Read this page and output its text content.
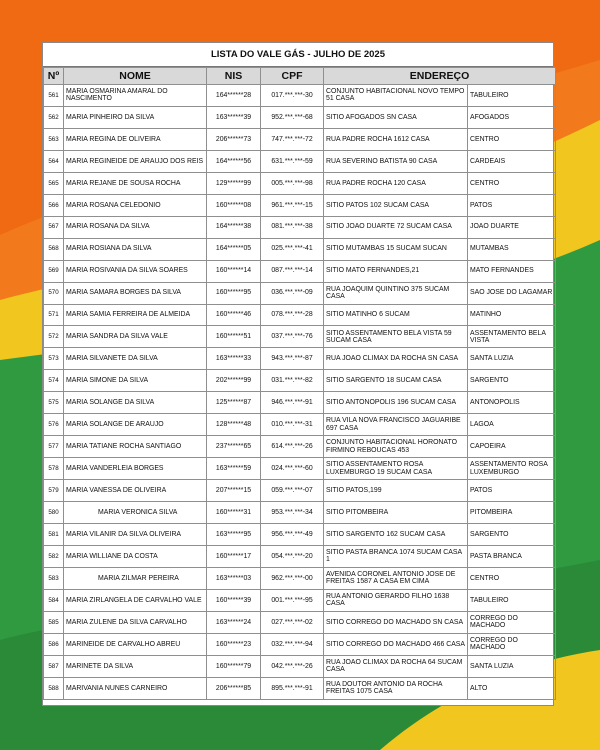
LISTA DO VALE GÁS - JULHO DE 2025
Nº	NOME	NIS	CPF	ENDEREÇO	
561	MARIA OSMARINA AMARAL DO NASCIMENTO	164******28	017.***.***-30	CONJUNTO HABITACIONAL NOVO TEMPO 51 CASA	TABULEIRO
562	MARIA PINHEIRO DA SILVA	163******39	952.***.***-68	SITIO AFOGADOS SN CASA	AFOGADOS
563	MARIA REGINA DE OLIVEIRA	206******73	747.***.***-72	RUA PADRE ROCHA 1612 CASA	CENTRO
564	MARIA REGINEIDE DE ARAUJO DOS REIS	164******56	631.***.***-59	RUA SEVERINO BATISTA 90 CASA	CARDEAIS
565	MARIA REJANE DE SOUSA ROCHA	129******99	005.***.***-98	RUA PADRE ROCHA 120 CASA	CENTRO
566	MARIA ROSANA CELEDONIO	160******08	961.***.***-15	SITIO PATOS 102 SUCAM CASA	PATOS
567	MARIA ROSANA DA SILVA	164******38	081.***.***-38	SITIO JOAO DUARTE 72 SUCAM CASA	JOAO DUARTE
568	MARIA ROSIANA DA SILVA	164******05	025.***.***-41	SITIO MUTAMBAS 15 SUCAM SUCAN	MUTAMBAS
569	MARIA ROSIVANIA DA SILVA SOARES	160******14	087.***.***-14	SITIO MATO FERNANDES,21	MATO FERNANDES
570	MARIA SAMARA BORGES DA SILVA	160******95	036.***.***-09	RUA JOAQUIM QUINTINO 375 SUCAM CASA	SAO JOSE DO LAGAMAR
571	MARIA SAMIA FERREIRA DE ALMEIDA	160******46	078.***.***-28	SITIO MATINHO 6 SUCAM	MATINHO
572	MARIA SANDRA DA SILVA VALE	160******51	037.***.***-76	SITIO ASSENTAMENTO BELA VISTA 59 SUCAM CASA	ASSENTAMENTO BELA VISTA
573	MARIA SILVANETE DA SILVA	163******33	943.***.***-87	RUA JOAO CLIMAX DA ROCHA SN CASA	SANTA LUZIA
574	MARIA SIMONE DA SILVA	202******99	031.***.***-82	SITIO SARGENTO 18 SUCAM CASA	SARGENTO
575	MARIA SOLANGE DA SILVA	125******87	946.***.***-91	SITIO ANTONOPOLIS 196 SUCAM CASA	ANTONOPOLIS
576	MARIA SOLANGE DE ARAUJO	128******48	010.***.***-31	RUA VILA NOVA FRANCISCO JAGUARIBE 697 CASA	LAGOA
577	MARIA TATIANE ROCHA SANTIAGO	237******65	614.***.***-26	CONJUNTO HABITACIONAL HORONATO FIRMINO REBOUCAS 453	CAPOEIRA
578	MARIA VANDERLEIA BORGES	163******59	024.***.***-60	SITIO ASSENTAMENTO ROSA LUXEMBURGO 19 SUCAM CASA	ASSENTAMENTO ROSA LUXEMBURGO
579	MARIA VANESSA DE OLIVEIRA	207******15	059.***.***-07	SITIO PATOS,199	PATOS
580	MARIA VERONICA SILVA	160******31	953.***.***-34	SITIO PITOMBEIRA	PITOMBEIRA
581	MARIA VILANIR DA SILVA OLIVEIRA	163******95	956.***.***-49	SITIO SARGENTO 162 SUCAM CASA	SARGENTO
582	MARIA WILLIANE DA COSTA	160******17	054.***.***-20	SITIO PASTA BRANCA 1074 SUCAM CASA 1	PASTA BRANCA
583	MARIA ZILMAR PEREIRA	163******03	962.***.***-00	AVENIDA CORONEL ANTONIO JOSE DE FREITAS 1587 A CASA EM CIMA	CENTRO
584	MARIA ZIRLANGELA DE CARVALHO VALE	160******39	001.***.***-95	RUA ANTONIO GERARDO FILHO 1638 CASA	TABULEIRO
585	MARIA ZULENE DA SILVA CARVALHO	163******24	027.***.***-02	SITIO CORREGO DO MACHADO SN CASA	CORREGO DO MACHADO
586	MARINEIDE DE CARVALHO ABREU	160******23	032.***.***-94	SITIO CORREGO DO MACHADO 466 CASA	CORREGO DO MACHADO
587	MARINETE DA SILVA	160******79	042.***.***-26	RUA JOAO CLIMAX DA ROCHA 64 SUCAM CASA	SANTA LUZIA
588	MARIVANIA NUNES CARNEIRO	206******85	895.***.***-91	RUA DOUTOR ANTONIO DA ROCHA FREITAS 1075 CASA	ALTO
